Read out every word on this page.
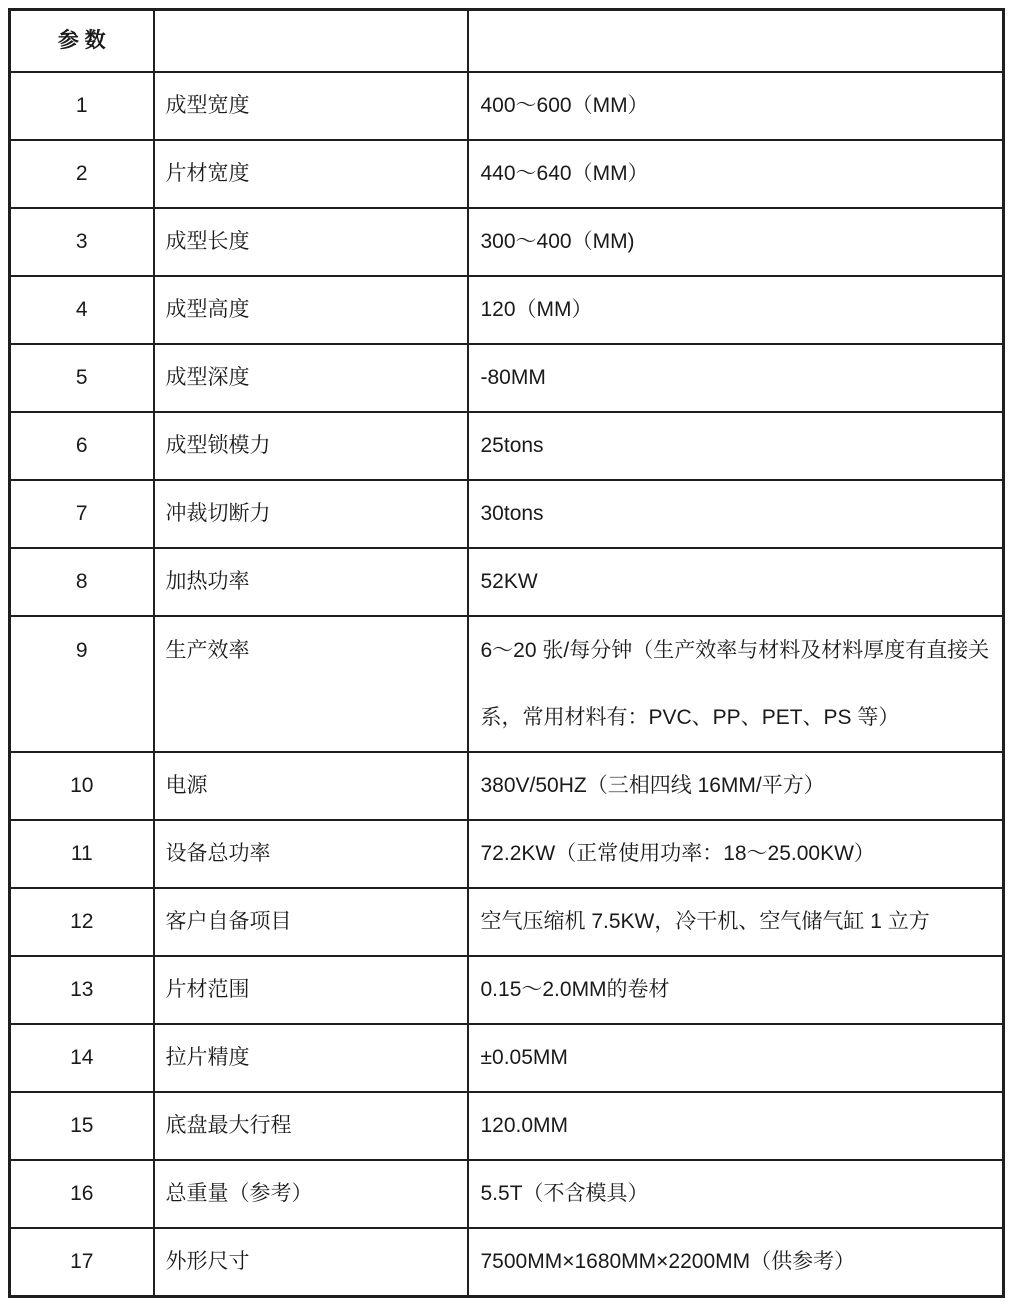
参 数		
1	成型宽度	400～600（MM）
2	片材宽度	440～640（MM）
3	成型长度	300～400（MM)
4	成型高度	120（MM）
5	成型深度	-80MM
6	成型锁模力	25tons
7	冲裁切断力	30tons
8	加热功率	52KW
9	生产效率	6～20 张/每分钟（生产效率与材料及材料厚度有直接关系，常用材料有：PVC、PP、PET、PS 等）
10	电源	380V/50HZ（三相四线 16MM/平方）
11	设备总功率	72.2KW（正常使用功率：18～25.00KW）
12	客户自备项目	空气压缩机 7.5KW，冷干机、空气储气缸 1 立方
13	片材范围	0.15～2.0MM的卷材
14	拉片精度	±0.05MM
15	底盘最大行程	120.0MM
16	总重量（参考）	5.5T（不含模具）
17	外形尺寸	7500MM×1680MM×2200MM（供参考）
